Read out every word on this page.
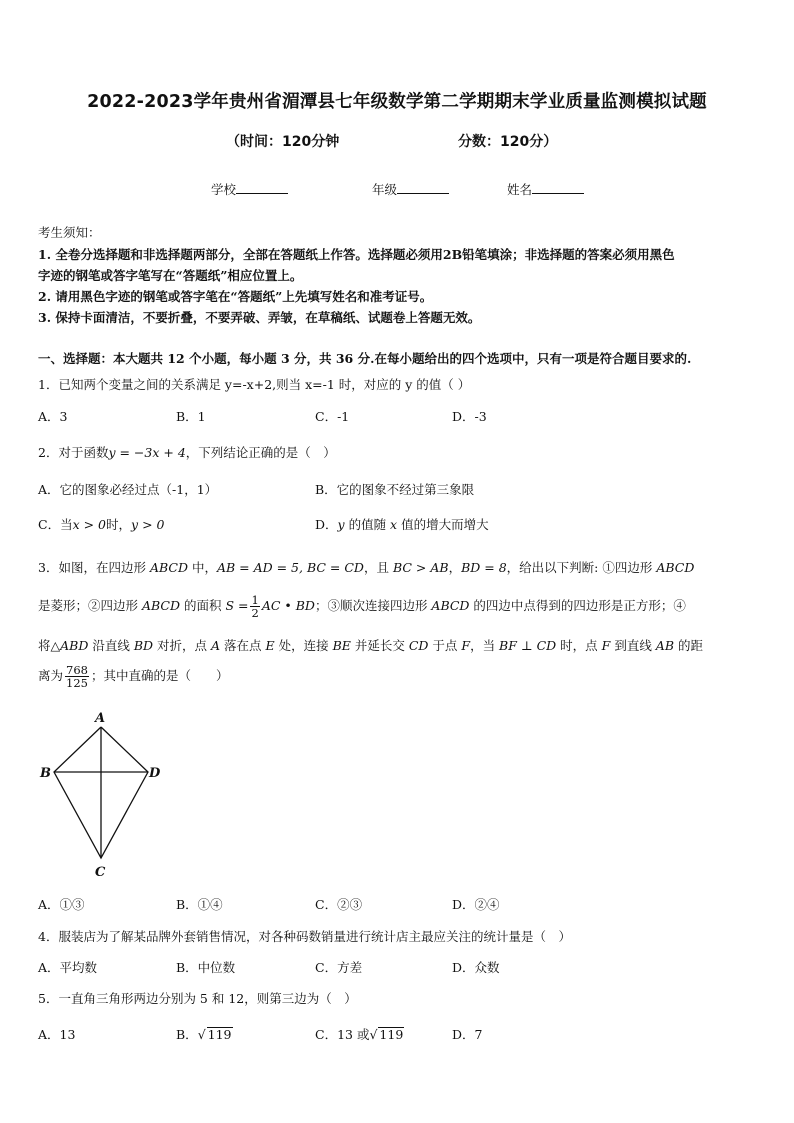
2022-2023学年贵州省湄潭县七年级数学第二学期期末学业质量监测模拟试题
（时间：120分钟	分数：120分）
学校	年级	姓名
考生须知：
1. 全卷分选择题和非选择题两部分，全部在答题纸上作答。选择题必须用2B铅笔填涂；非选择题的答案必须用黑色
字迹的钢笔或答字笔写在“答题纸”相应位置上。
2. 请用黑色字迹的钢笔或答字笔在“答题纸”上先填写姓名和准考证号。
3. 保持卡面清洁，不要折叠，不要弄破、弄皱，在草稿纸、试题卷上答题无效。
一、选择题：本大题共 12 个小题，每小题 3 分，共 36 分.在每小题给出的四个选项中，只有一项是符合题目要求的.
1．已知两个变量之间的关系满足 y=-x+2,则当 x=-1 时，对应的 y 的值（ ）
A．3	B．1	C．-1	D．-3
2．对于函数y = −3x + 4，下列结论正确的是（　）
A．它的图象必经过点（-1，1）	B．它的图象不经过第三象限
C．当x > 0时，y > 0	D．y 的值随 x 值的增大而增大
3．如图，在四边形 ABCD 中，AB = AD = 5, BC = CD，且 BC > AB，BD = 8，给出以下判断: ①四边形 ABCD
是菱形；②四边形 ABCD 的面积 $S = \frac{1}{2}$ AC • BD；③顺次连接四边形 ABCD 的四边中点得到的四边形是正方形；④
将△ABD 沿直线 BD 对折，点 A 落在点 E 处，连接 BE 并延长交 CD 于点 F，当 BF ⊥ CD 时，点 F 到直线 AB 的距
离为 $\frac{768}{125}$ ；其中直确的是（　　）
A
B	D
C
A．①③	B．①④	C．②③	D．②④
4．服装店为了解某品牌外套销售情况，对各种码数销量进行统计店主最应关注的统计量是（　）
A．平均数	B．中位数	C．方差	D．众数
5．一直角三角形两边分别为 5 和 12，则第三边为（　）
A．13	B．√ 119	C．13 或√ 119	D．7
